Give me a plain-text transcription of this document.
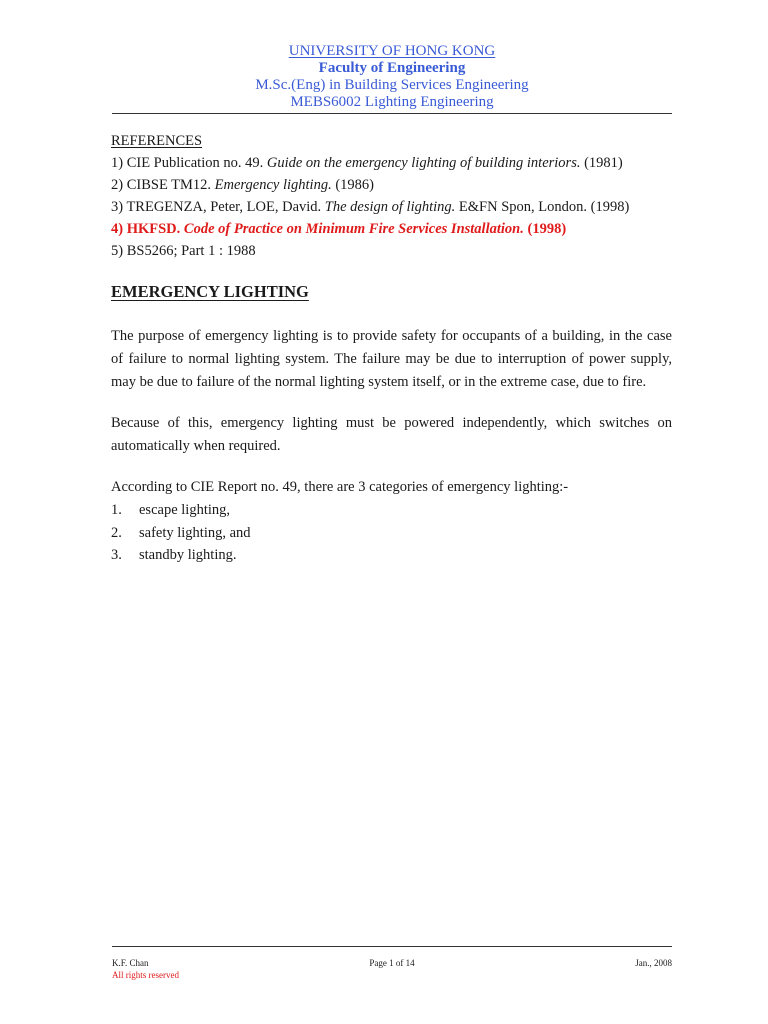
UNIVERSITY OF HONG KONG
Faculty of Engineering
M.Sc.(Eng) in Building Services Engineering
MEBS6002 Lighting Engineering
REFERENCES
1) CIE Publication no. 49. Guide on the emergency lighting of building interiors. (1981)
2) CIBSE TM12. Emergency lighting. (1986)
3) TREGENZA, Peter, LOE, David. The design of lighting. E&FN Spon, London. (1998)
4) HKFSD. Code of Practice on Minimum Fire Services Installation. (1998)
5) BS5266; Part 1 : 1988
EMERGENCY LIGHTING
The purpose of emergency lighting is to provide safety for occupants of a building, in the case of failure to normal lighting system. The failure may be due to interruption of power supply, may be due to failure of the normal lighting system itself, or in the extreme case, due to fire.
Because of this, emergency lighting must be powered independently, which switches on automatically when required.
According to CIE Report no. 49, there are 3 categories of emergency lighting:-
1.	escape lighting,
2.	safety lighting, and
3.	standby lighting.
K.F. Chan
All rights reserved
Page 1 of 14	Jan., 2008
